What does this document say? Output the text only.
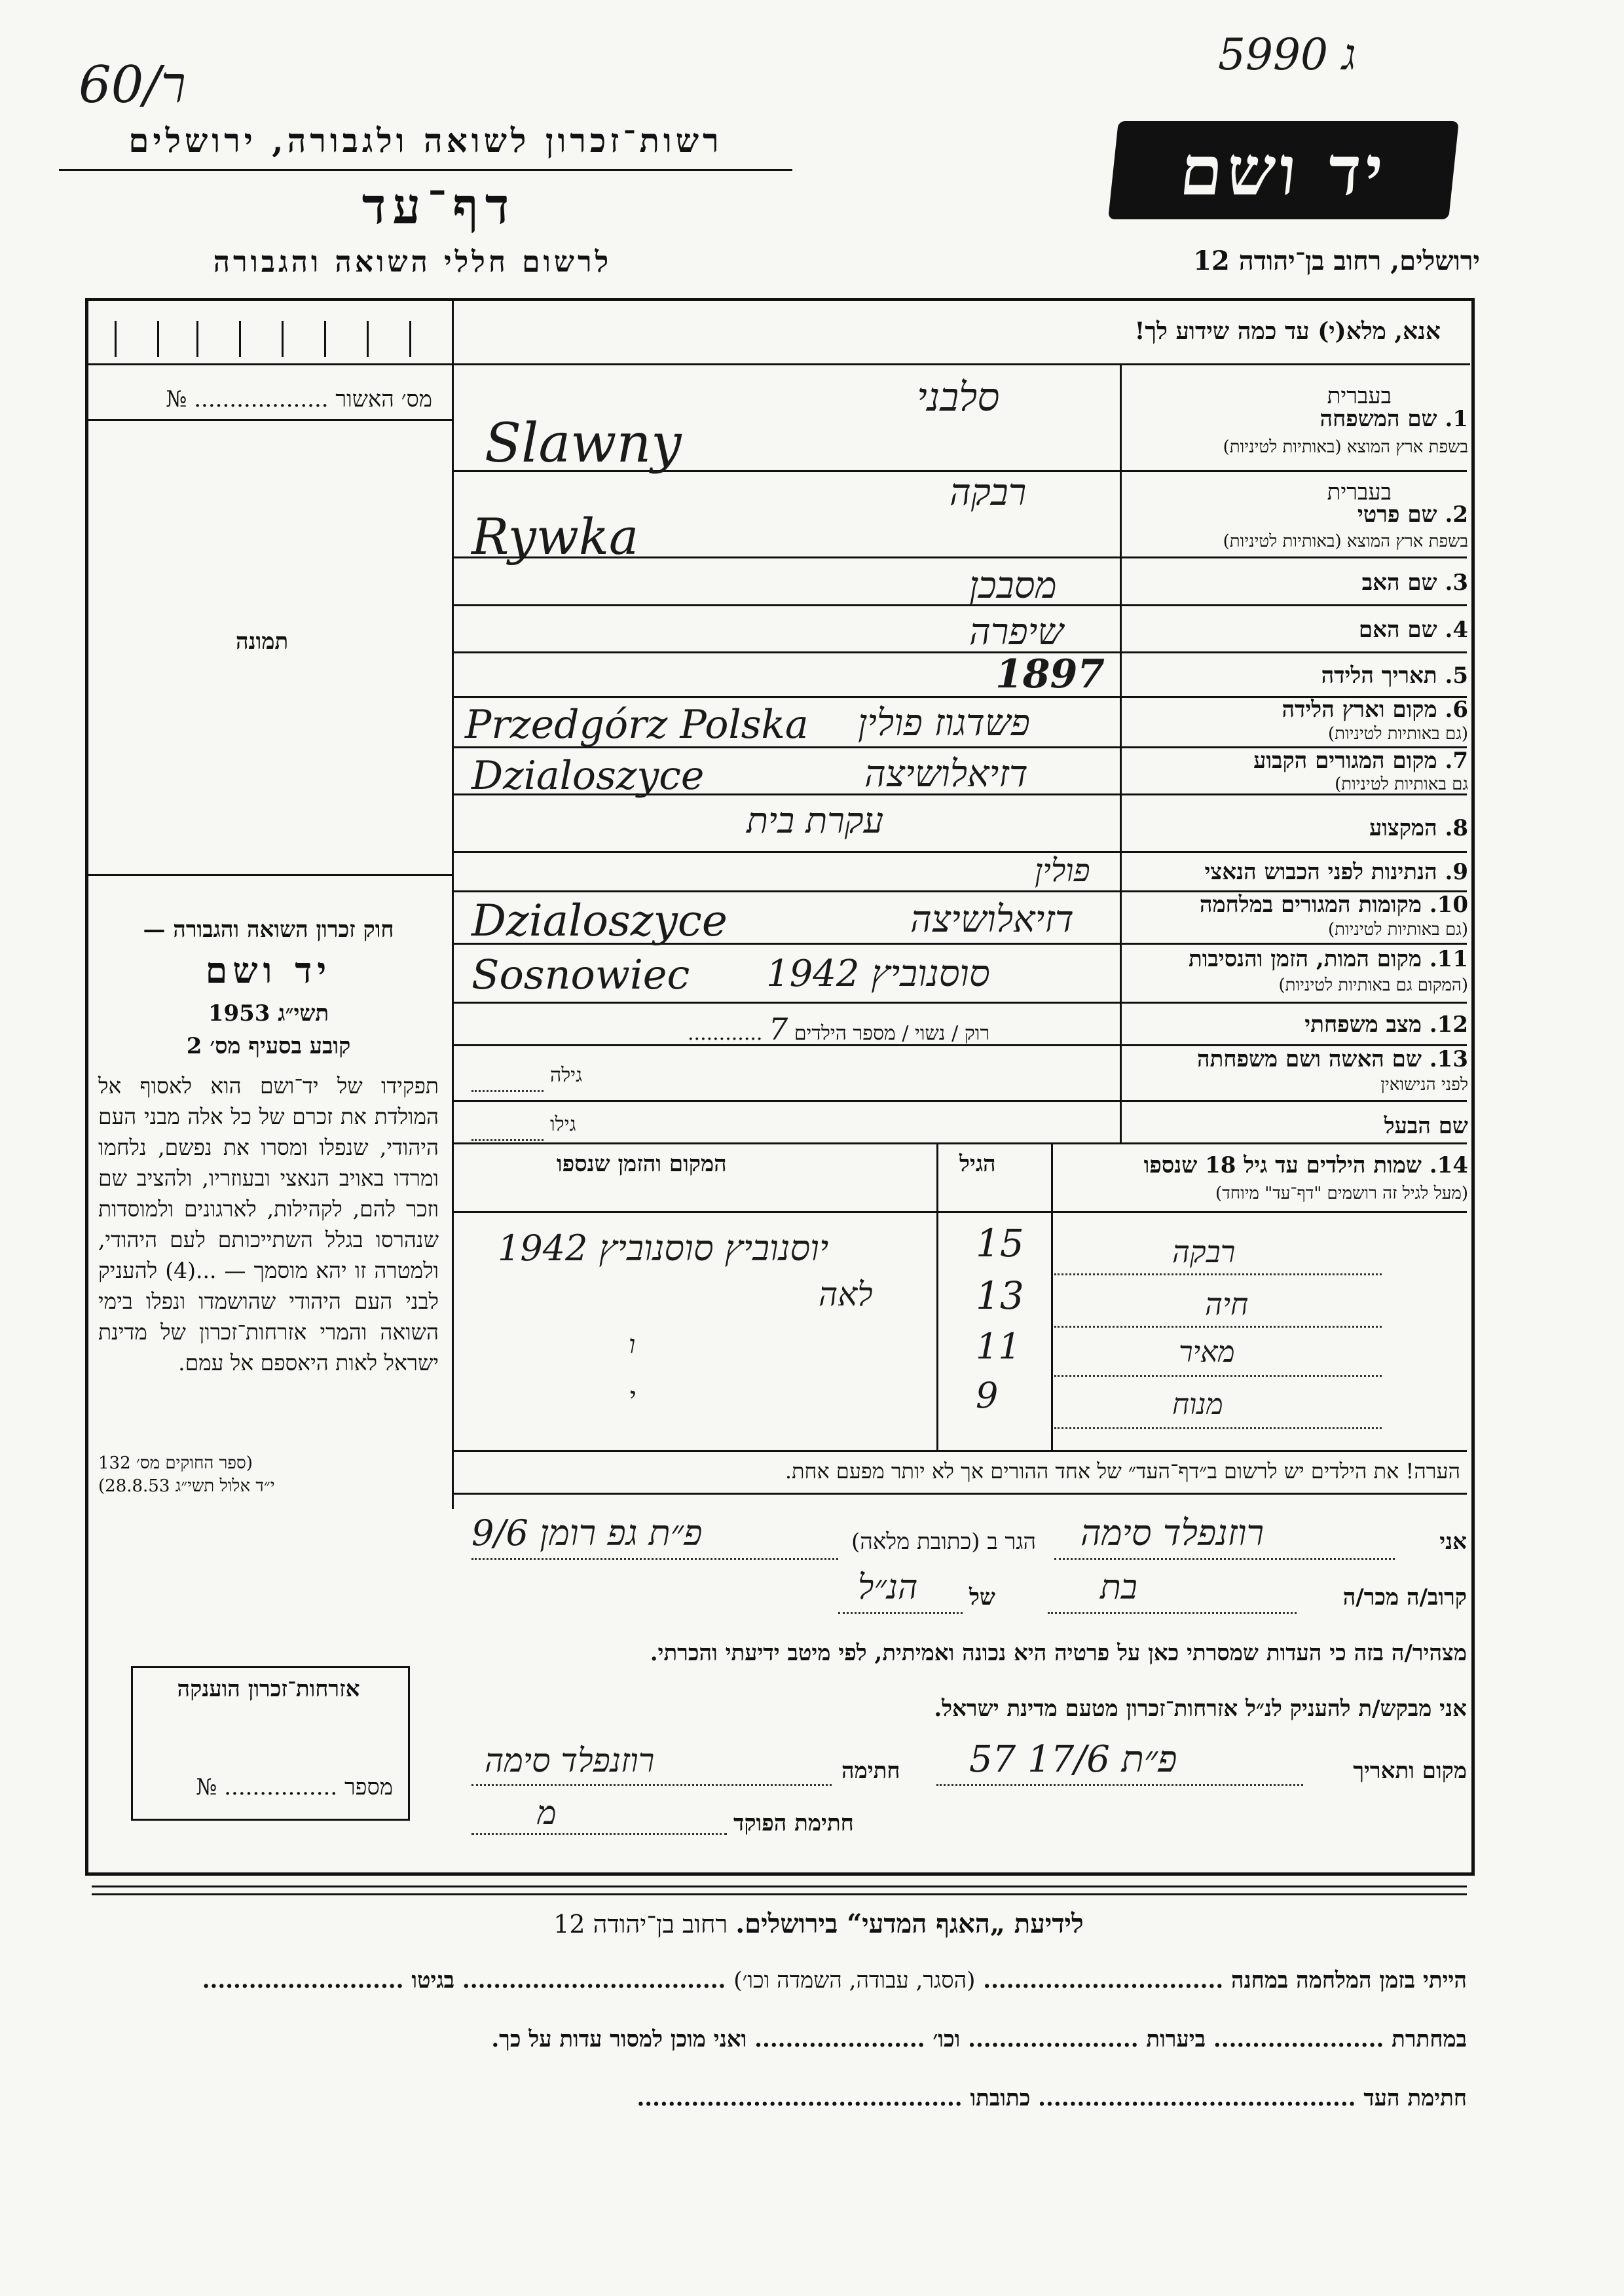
60/ר
5ג 990
רשות־זכרון לשואה ולגבורה, ירושלים
דף־עד
לרשום חללי השואה והגבורה
יד ושם
ירושלים, רחוב בן־יהודה 12
אנא, מלא(י) עד כמה שידוע לך!
מס׳ האשור ................... №
תמונה
חוק זכרון השואה והגבורה —
יד ושם
תשי״ג 1953
קובע בסעיף מס׳ 2
תפקידו של יד־ושם הוא לאסוף אל המולדת את זכרם של כל אלה מבני העם היהודי, שנפלו ומסרו את נפשם, נלחמו ומרדו באויב הנאצי ובעוזריו, ולהציב שם וזכר להם, לקהילות, לארגונים ולמוסדות שנהרסו בגלל השתייכותם לעם היהודי, ולמטרה זו יהא מוסמך — ...(4) להעניק לבני העם היהודי שהושמדו ונפלו בימי השואה והמרי אזרחות־זכרון של מדינת ישראל לאות היאספם אל עמם.
(ספר החוקים מס׳ 132
י״ד אלול תשי״ג 28.8.53)
בעברית
1. שם המשפחה
בשפת ארץ המוצא (באותיות לטיניות)
בעברית
2. שם פרטי
בשפת ארץ המוצא (באותיות לטיניות)
3. שם האב
4. שם האם
5. תאריך הלידה
6. מקום וארץ הלידה
(גם באותיות לטיניות)
7. מקום המגורים הקבוע
גם באותיות לטיניות)
8. המקצוע
9. הנתינות לפני הכבוש הנאצי
10. מקומות המגורים במלחמה
(גם באותיות לטיניות)
11. מקום המות, הזמן והנסיבות
(המקום גם באותיות לטיניות)
12. מצב משפחתי
13. שם האשה ושם משפחתה
לפני הנישואין
שם הבעל
סלבני
Slawny
רבקה
Rywka
מסבכן
שיפרה
1897
פשדגוז פולין
Przedgórz Polska
דזיאלושיצה
Dzialoszyce
עקרת בית
פולין
דזיאלושיצה
Dzialoszyce
סוסנוביץ 1942
Sosnowiec
רוק / נשוי / מספר הילדים 7 ............
גילה
גילו
14. שמות הילדים עד גיל 18 שנספו
(מעל לגיל זה רושמים "דף־עד" מיוחד)
הגיל
המקום והזמן שנספו
רבקה
15
יוסנוביץ סוסנוביץ 1942
חיה
13
לאה
מאיר
11
ו
מנוח
9
י
הערה! את הילדים יש לרשום ב״דף־העד״ של אחד ההורים אך לא יותר מפעם אחת.
אני
רוזנפלד סימה
הגר ב (כתובת מלאה)
פ״ת גפ רומן 9/6
קרוב/ה מכר/ה
בת
של
הנ״ל
מצהיר/ה בזה כי העדות שמסרתי כאן על פרטיה היא נכונה ואמיתית, לפי מיטב ידיעתי והכרתי.
אני מבקש/ת להעניק לנ״ל אזרחות־זכרון מטעם מדינת ישראל.
מקום ותאריך
פ״ת 17/6 57
חתימה
רוזנפלד סימה
חתימת הפוקד
מ
אזרחות־זכרון הוענקה
מספר ................ №
לידיעת „האגף המדעי“ בירושלים. רחוב בן־יהודה 12
הייתי בזמן המלחמה במחנה ............................... (הסגר, עבודה, השמדה וכו׳) .................................. בגיטו ..........................
במחתרת ...................... ביערות ...................... וכו׳ ...................... ואני מוכן למסור עדות על כך.
חתימת העד ......................................... כתובתו ..........................................
